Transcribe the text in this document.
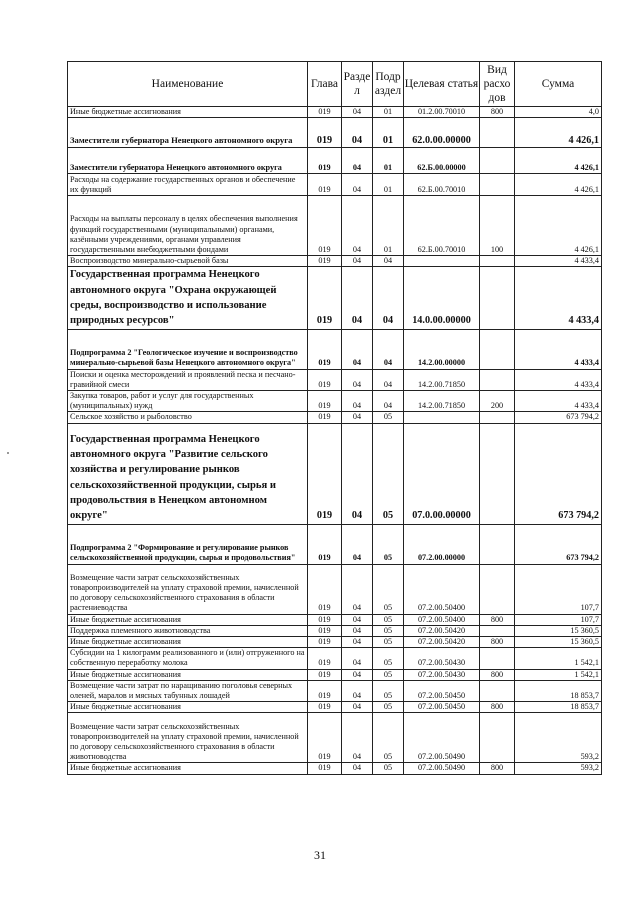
Наименование	Глава	Разде л	Подр аздел	Целевая статья	Вид расхо дов	Сумма
Иные бюджетные ассигнования	019	04	01	01.2.00.70010	800	4,0
Заместители губернатора Ненецкого автономного округа	019	04	01	62.0.00.00000		4 426,1
Заместители губернатора Ненецкого автономного округа	019	04	01	62.Б.00.00000		4 426,1
Расходы на содержание государственных органов и обеспечение их функций	019	04	01	62.Б.00.70010		4 426,1
Расходы на выплаты персоналу в целях обеспечения выполнения функций государственными (муниципальными) органами, казёнными учреждениями, органами управления государственными внебюджетными фондами	019	04	01	62.Б.00.70010	100	4 426,1
Воспроизводство минерально-сырьевой базы	019	04	04			4 433,4
Государственная программа Ненецкого автономного округа "Охрана окружающей среды, воспроизводство и использование природных ресурсов"	019	04	04	14.0.00.00000		4 433,4
Подпрограмма 2 "Геологическое изучение и воспроизводство минерально-сырьевой базы Ненецкого автономного округа"	019	04	04	14.2.00.00000		4 433,4
Поиски и оценка месторождений и проявлений песка и песчано-гравийной смеси	019	04	04	14.2.00.71850		4 433,4
Закупка товаров, работ и услуг для государственных (муниципальных) нужд	019	04	04	14.2.00.71850	200	4 433,4
Сельское хозяйство и рыболовство	019	04	05			673 794,2
Государственная программа Ненецкого автономного округа "Развитие сельского хозяйства и регулирование рынков сельскохозяйственной продукции, сырья и продовольствия в Ненецком автономном округе"	019	04	05	07.0.00.00000		673 794,2
Подпрограмма 2 "Формирование и регулирование рынков сельскохозяйственной продукции, сырья и продовольствия"	019	04	05	07.2.00.00000		673 794,2
Возмещение части затрат сельскохозяйственных товаропроизводителей на уплату страховой премии, начисленной по договору сельскохозяйственного страхования в области растениеводства	019	04	05	07.2.00.50400		107,7
Иные бюджетные ассигнования	019	04	05	07.2.00.50400	800	107,7
Поддержка племенного животноводства	019	04	05	07.2.00.50420		15 360,5
Иные бюджетные ассигнования	019	04	05	07.2.00.50420	800	15 360,5
Субсидии на 1 килограмм реализованного и (или) отгруженного на собственную переработку молока	019	04	05	07.2.00.50430		1 542,1
Иные бюджетные ассигнования	019	04	05	07.2.00.50430	800	1 542,1
Возмещение части затрат по наращиванию поголовья северных оленей, маралов и мясных табунных лошадей	019	04	05	07.2.00.50450		18 853,7
Иные бюджетные ассигнования	019	04	05	07.2.00.50450	800	18 853,7
Возмещение части затрат сельскохозяйственных товаропроизводителей на уплату страховой премии, начисленной по договору сельскохозяйственного страхования в области животноводства	019	04	05	07.2.00.50490		593,2
Иные бюджетные ассигнования	019	04	05	07.2.00.50490	800	593,2
31
